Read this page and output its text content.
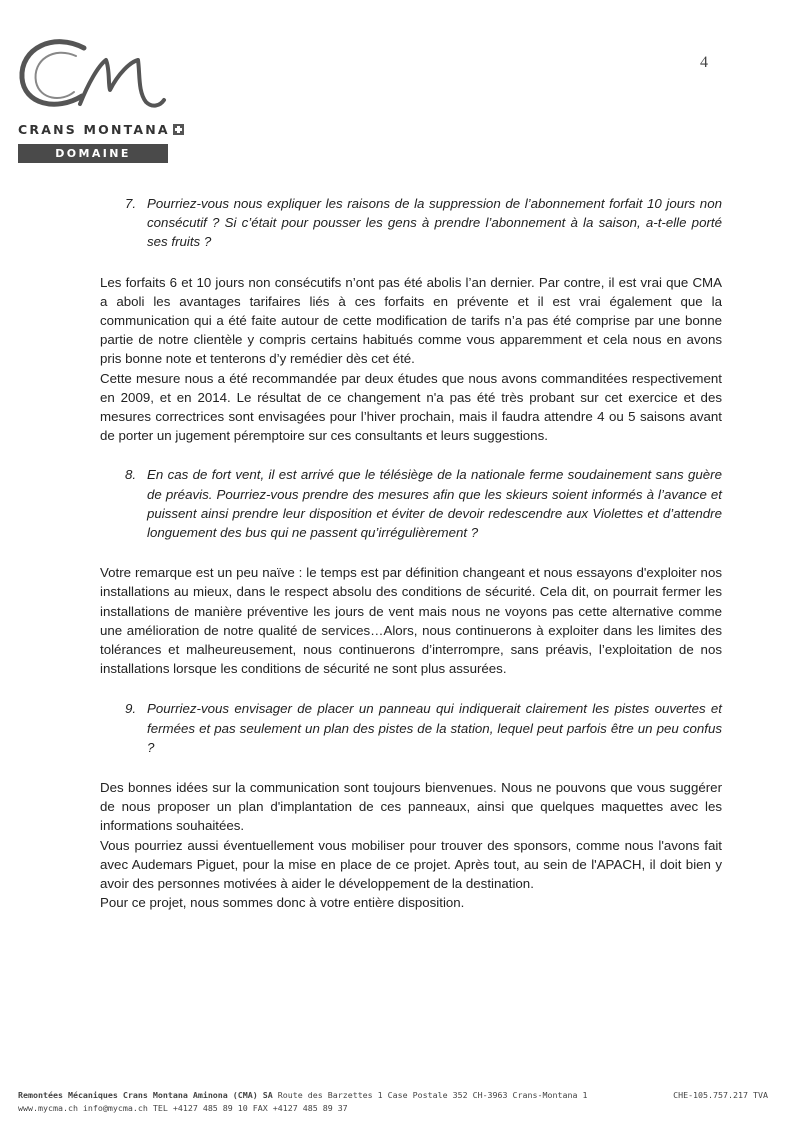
CRANS MONTANA
DOMAINE SKIABLE
4

7. Pourriez-vous nous expliquer les raisons de la suppression de l’abonnement forfait 10 jours non consécutif ? Si c’était pour pousser les gens à prendre l’abonnement à la saison, a-t-elle porté ses fruits ?

Les forfaits 6 et 10 jours non consécutifs n’ont pas été abolis l’an dernier. Par contre, il est vrai que CMA a aboli les avantages tarifaires liés à ces forfaits en prévente et il est vrai également que la communication qui a été faite autour de cette modification de tarifs n’a pas été comprise par une bonne partie de notre clientèle y compris certains habitués comme vous apparemment et cela nous en avons pris bonne note et tenterons d’y remédier dès cet été.

Cette mesure nous a été recommandée par deux études que nous avons commanditées respectivement en 2009, et en 2014. Le résultat de ce changement n'a pas été très probant sur cet exercice et des mesures correctrices sont envisagées pour l’hiver prochain, mais il faudra attendre 4 ou 5 saisons avant de porter un jugement péremptoire sur ces consultants et leurs suggestions.

8. En cas de fort vent, il est arrivé que le télésiège de la nationale ferme soudainement sans guère de préavis. Pourriez-vous prendre des mesures afin que les skieurs soient informés à l’avance et puissent ainsi prendre leur disposition et éviter de devoir redescendre aux Violettes et d’attendre longuement des bus qui ne passent qu’irrégulièrement ?

Votre remarque est un peu naïve : le temps est par définition changeant et nous essayons d'exploiter nos installations au mieux, dans le respect absolu des conditions de sécurité. Cela dit, on pourrait fermer les installations de manière préventive les jours de vent mais nous ne voyons pas cette alternative comme une amélioration de notre qualité de services…Alors, nous continuerons à exploiter dans les limites des tolérances et malheureusement, nous continuerons d’interrompre, sans préavis, l’exploitation de nos installations lorsque les conditions de sécurité ne sont plus assurées.

9. Pourriez-vous envisager de placer un panneau qui indiquerait clairement les pistes ouvertes et fermées et pas seulement un plan des pistes de la station, lequel peut parfois être un peu confus ?

Des bonnes idées sur la communication sont toujours bienvenues. Nous ne pouvons que vous suggérer de nous proposer un plan d'implantation de ces panneaux, ainsi que quelques maquettes avec les informations souhaitées.

Vous pourriez aussi éventuellement vous mobiliser pour trouver des sponsors, comme nous l'avons fait avec Audemars Piguet, pour la mise en place de ce projet. Après tout, au sein de l'APACH, il doit bien y avoir des personnes motivées à aider le développement de la destination.

Pour ce projet, nous sommes donc à votre entière disposition.

Remontées Mécaniques Crans Montana Aminona (CMA) SA Route des Barzettes 1 Case Postale 352 CH-3963 Crans-Montana 1
www.mycma.ch info@mycma.ch TEL +4127 485 89 10 FAX +4127 485 89 37
CHE-105.757.217 TVA
